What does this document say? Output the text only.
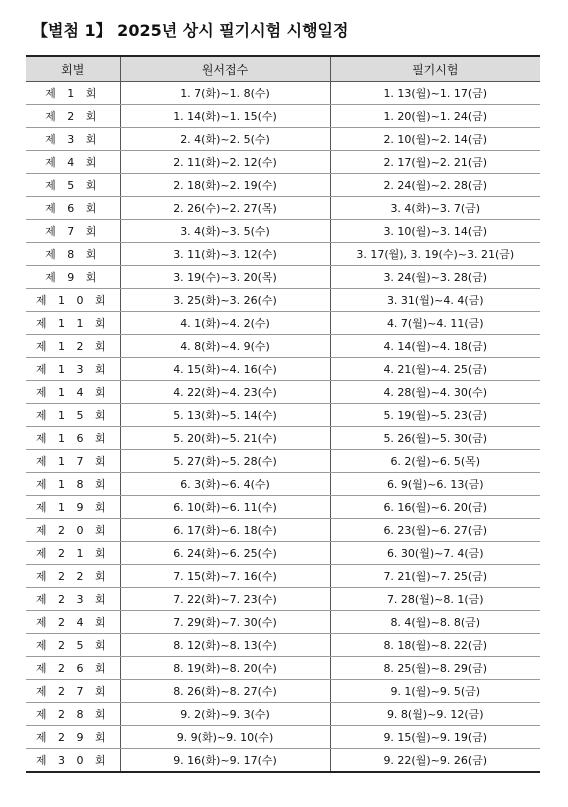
【별첨 1】 2025년 상시 필기시험 시행일정
회별	원서접수	필기시험
제 1 회	1. 7(화)~1. 8(수)	1. 13(월)~1. 17(금)
제 2 회	1. 14(화)~1. 15(수)	1. 20(월)~1. 24(금)
제 3 회	2. 4(화)~2. 5(수)	2. 10(월)~2. 14(금)
제 4 회	2. 11(화)~2. 12(수)	2. 17(월)~2. 21(금)
제 5 회	2. 18(화)~2. 19(수)	2. 24(월)~2. 28(금)
제 6 회	2. 26(수)~2. 27(목)	3. 4(화)~3. 7(금)
제 7 회	3. 4(화)~3. 5(수)	3. 10(월)~3. 14(금)
제 8 회	3. 11(화)~3. 12(수)	3. 17(월), 3. 19(수)~3. 21(금)
제 9 회	3. 19(수)~3. 20(목)	3. 24(월)~3. 28(금)
제 1 0 회	3. 25(화)~3. 26(수)	3. 31(월)~4. 4(금)
제 1 1 회	4. 1(화)~4. 2(수)	4. 7(월)~4. 11(금)
제 1 2 회	4. 8(화)~4. 9(수)	4. 14(월)~4. 18(금)
제 1 3 회	4. 15(화)~4. 16(수)	4. 21(월)~4. 25(금)
제 1 4 회	4. 22(화)~4. 23(수)	4. 28(월)~4. 30(수)
제 1 5 회	5. 13(화)~5. 14(수)	5. 19(월)~5. 23(금)
제 1 6 회	5. 20(화)~5. 21(수)	5. 26(월)~5. 30(금)
제 1 7 회	5. 27(화)~5. 28(수)	6. 2(월)~6. 5(목)
제 1 8 회	6. 3(화)~6. 4(수)	6. 9(월)~6. 13(금)
제 1 9 회	6. 10(화)~6. 11(수)	6. 16(월)~6. 20(금)
제 2 0 회	6. 17(화)~6. 18(수)	6. 23(월)~6. 27(금)
제 2 1 회	6. 24(화)~6. 25(수)	6. 30(월)~7. 4(금)
제 2 2 회	7. 15(화)~7. 16(수)	7. 21(월)~7. 25(금)
제 2 3 회	7. 22(화)~7. 23(수)	7. 28(월)~8. 1(금)
제 2 4 회	7. 29(화)~7. 30(수)	8. 4(월)~8. 8(금)
제 2 5 회	8. 12(화)~8. 13(수)	8. 18(월)~8. 22(금)
제 2 6 회	8. 19(화)~8. 20(수)	8. 25(월)~8. 29(금)
제 2 7 회	8. 26(화)~8. 27(수)	9. 1(월)~9. 5(금)
제 2 8 회	9. 2(화)~9. 3(수)	9. 8(월)~9. 12(금)
제 2 9 회	9. 9(화)~9. 10(수)	9. 15(월)~9. 19(금)
제 3 0 회	9. 16(화)~9. 17(수)	9. 22(월)~9. 26(금)
